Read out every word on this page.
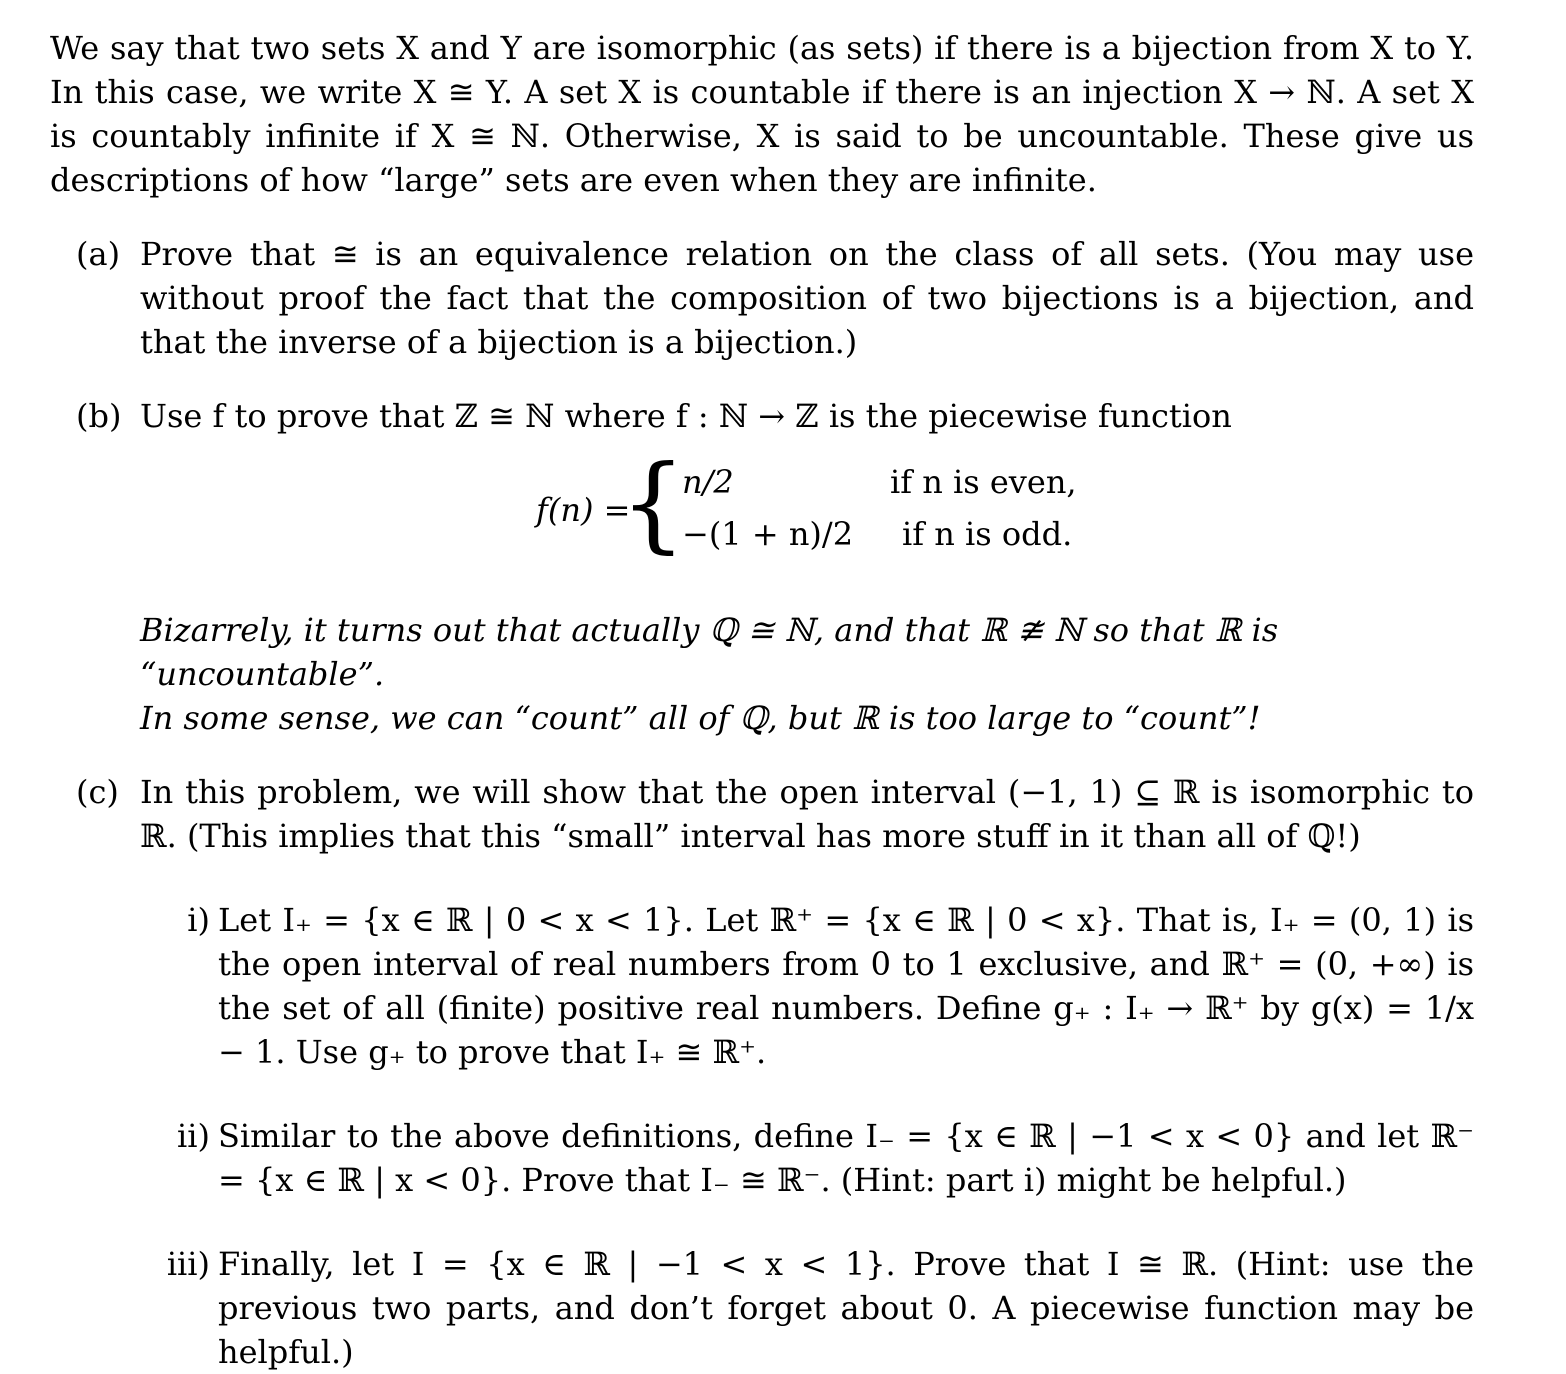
We say that two sets X and Y are isomorphic (as sets) if there is a bijection from X to Y. In this case, we write X ≅ Y. A set X is countable if there is an injection X → ℕ. A set X is countably infinite if X ≅ ℕ. Otherwise, X is said to be uncountable. These give us descriptions of how “large” sets are even when they are infinite.

(a) Prove that ≅ is an equivalence relation on the class of all sets. (You may use without proof the fact that the composition of two bijections is a bijection, and that the inverse of a bijection is a bijection.)

(b) Use f to prove that ℤ ≅ ℕ where f : ℕ → ℤ is the piecewise function

f(n) =
{
n/2	if n is even,
−(1 + n)/2 if n is odd.

Bizarrely, it turns out that actually ℚ ≅ ℕ, and that ℝ ≇ ℕ so that ℝ is “uncountable”.

In some sense, we can “count” all of ℚ, but ℝ is too large to “count”!

(c) In this problem, we will show that the open interval (−1, 1) ⊆ ℝ is isomorphic to ℝ. (This implies that this “small” interval has more stuff in it than all of ℚ!)

i) Let I₊ = {x ∈ ℝ | 0 < x < 1}. Let ℝ⁺ = {x ∈ ℝ | 0 < x}. That is, I₊ = (0, 1) is the open interval of real numbers from 0 to 1 exclusive, and ℝ⁺ = (0, +∞) is the set of all (finite) positive real numbers. Define g₊ : I₊ → ℝ⁺ by g(x) = 1/x − 1. Use g₊ to prove that I₊ ≅ ℝ⁺.

ii) Similar to the above definitions, define I₋ = {x ∈ ℝ | −1 < x < 0} and let ℝ⁻ = {x ∈ ℝ | x < 0}. Prove that I₋ ≅ ℝ⁻. (Hint: part i) might be helpful.)

iii) Finally, let I = {x ∈ ℝ | −1 < x < 1}. Prove that I ≅ ℝ. (Hint: use the previous two parts, and don’t forget about 0. A piecewise function may be helpful.)
